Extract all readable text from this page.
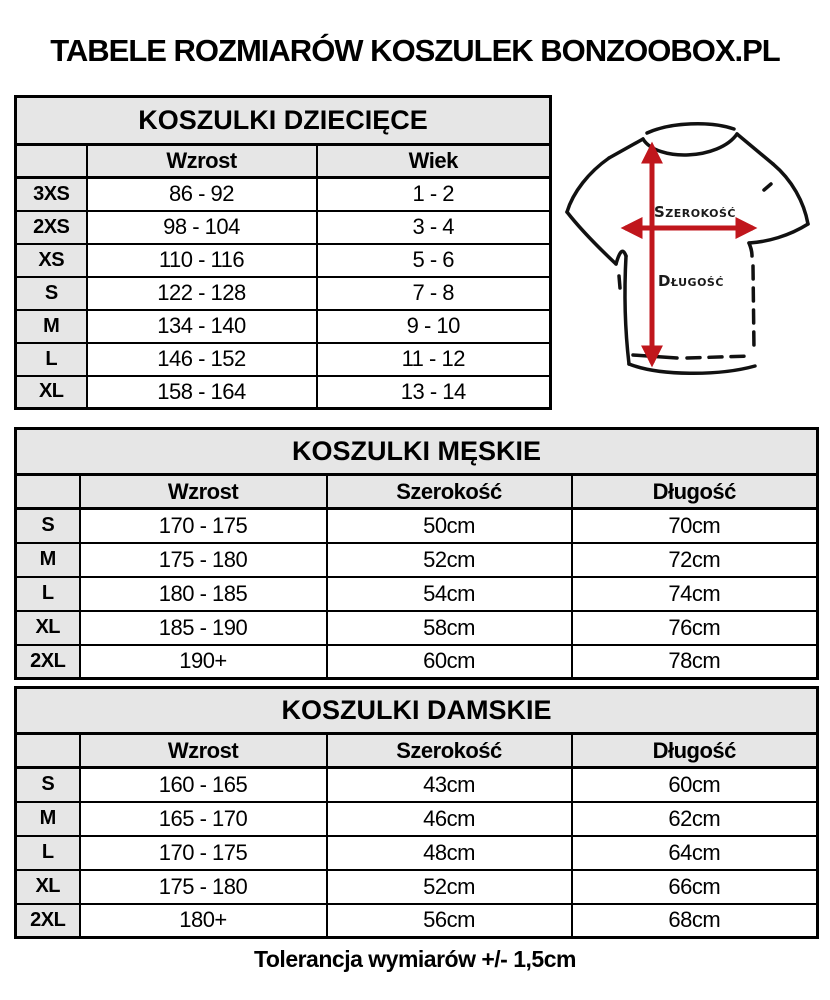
TABELE ROZMIARÓW KOSZULEK BONZOOBOX.PL
KOSZULKI DZIECIĘCE		
	Wzrost	Wiek
3XS	86 - 92	1 - 2
2XS	98 - 104	3 - 4
XS	110 - 116	5 - 6
S	122 - 128	7 - 8
M	134 - 140	9 - 10
L	146 - 152	11 - 12
XL	158 - 164	13 - 14
Szerokość
Długość
KOSZULKI MĘSKIE			
	Wzrost	Szerokość	Długość
S	170 - 175	50cm	70cm
M	175 - 180	52cm	72cm
L	180 - 185	54cm	74cm
XL	185 - 190	58cm	76cm
2XL	190+	60cm	78cm
KOSZULKI DAMSKIE			
	Wzrost	Szerokość	Długość
S	160 - 165	43cm	60cm
M	165 - 170	46cm	62cm
L	170 - 175	48cm	64cm
XL	175 - 180	52cm	66cm
2XL	180+	56cm	68cm
Tolerancja wymiarów +/- 1,5cm
